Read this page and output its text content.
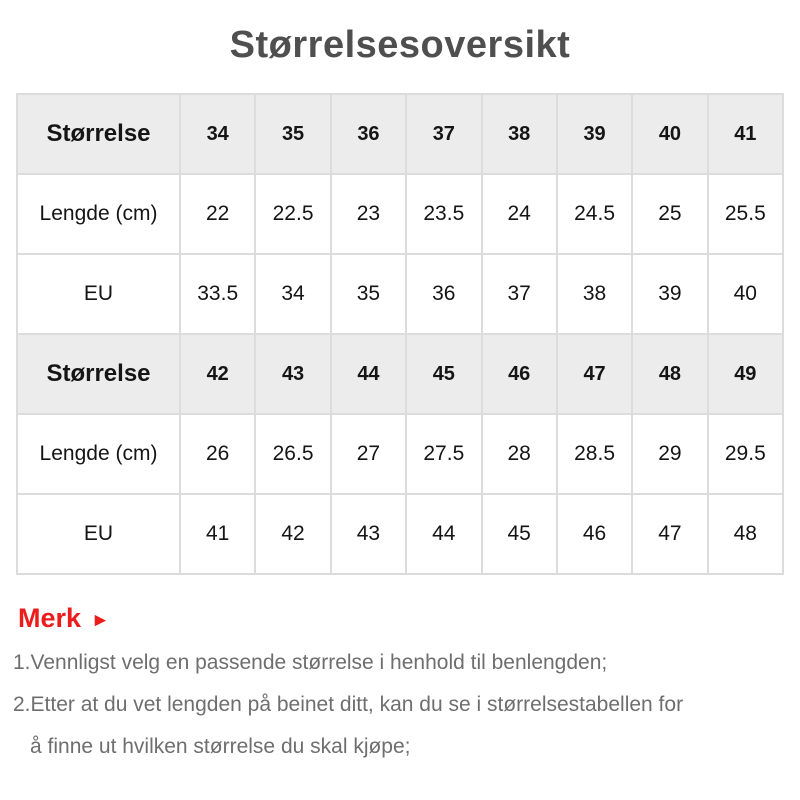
Størrelsesoversikt
Størrelse	34	35	36	37	38	39	40	41
Lengde (cm)	22	22.5	23	23.5	24	24.5	25	25.5
EU	33.5	34	35	36	37	38	39	40
Størrelse	42	43	44	45	46	47	48	49
Lengde (cm)	26	26.5	27	27.5	28	28.5	29	29.5
EU	41	42	43	44	45	46	47	48
Merk ►
1.Vennligst velg en passende størrelse i henhold til benlengden;
2.Etter at du vet lengden på beinet ditt, kan du se i størrelsestabellen for
å finne ut hvilken størrelse du skal kjøpe;
